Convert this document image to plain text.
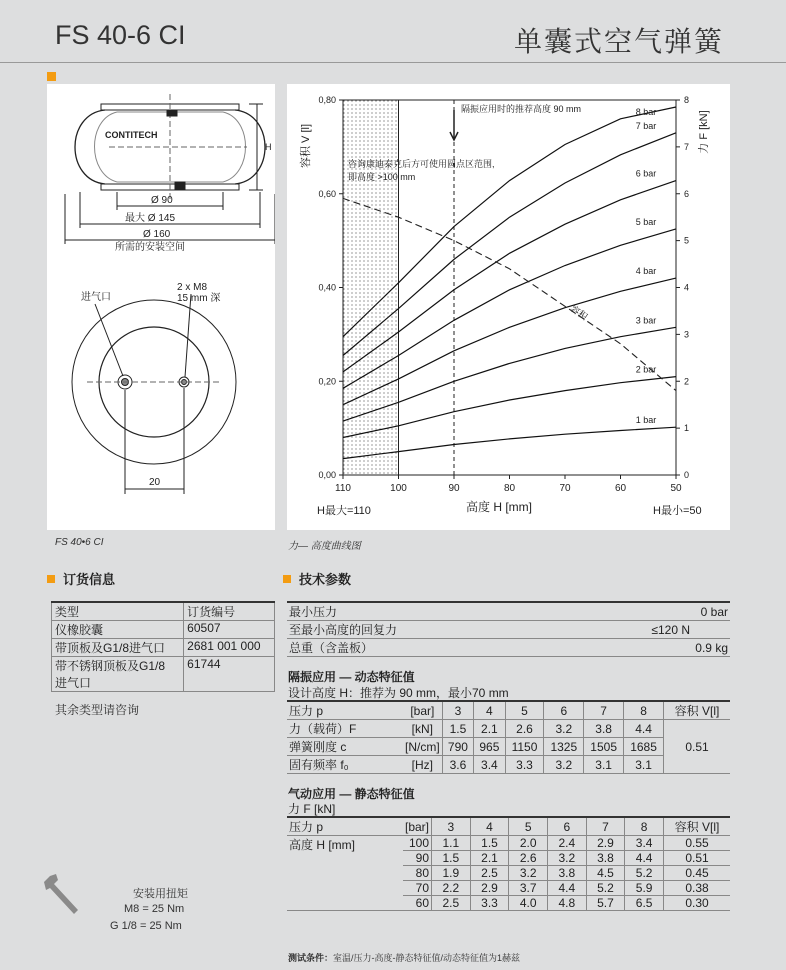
FS 40-6 CI	单囊式空气弹簧
CONTITECH
H
Ø 90
最大 Ø 145
Ø 160
所需的安装空间
2 x M8
15 mm 深
进气口
20
1 bar
2 bar
3 bar
4 bar
5 bar
6 bar
7 bar
8 bar
110	100	90	80	70	60	50
0,00
0,20
0,40
0,60
0,80
0
1
2
3
4
5
6
7
8
容积 V [l]	力 F [kN]
高度 H [mm]
H最大=110	H最小=50
隔振应用时的推荐高度 90 mm
咨询康迪泰克后方可使用圆点区范围,
即高度 >100 mm
容积
FS 40•6 CI	力— 高度曲线图
订货信息
类型	订货编号
仪橡胶囊	60507
带顶板及G1/8进气口	2681 001 000
带不锈钢顶板及G1/8
进气口	61744
其余类型请咨询
技术参数
最小压力	0 bar
至最小高度的回复力	≤120 N
总重（含盖板）	0.9 kg
隔振应用 — 动态特征值
设计高度 H：推荐为 90 mm，最小70 mm
压力 p	[bar]	3	4	5	6	7	8	容积 V[l]
力（载荷）F	[kN]	1.5	2.1	2.6	3.2	3.8	4.4	0.51
弹簧刚度 c	[N/cm]	790	965	1150	1325	1505	1685	
固有频率 f₀	[Hz]	3.6	3.4	3.3	3.2	3.1	3.1	
气动应用 — 静态特征值
力 F [kN]
压力 p	[bar]	3	4	5	6	7	8	容积 V[l]
高度 H [mm]	100	1.1	1.5	2.0	2.4	2.9	3.4	0.55
	90	1.5	2.1	2.6	3.2	3.8	4.4	0.51
	80	1.9	2.5	3.2	3.8	4.5	5.2	0.45
	70	2.2	2.9	3.7	4.4	5.2	5.9	0.38
	60	2.5	3.3	4.0	4.8	5.7	6.5	0.30
安装用扭矩
M8 = 25 Nm
G 1/8 = 25 Nm
测试条件：室温/压力-高度-静态特征值/动态特征值为1赫兹
